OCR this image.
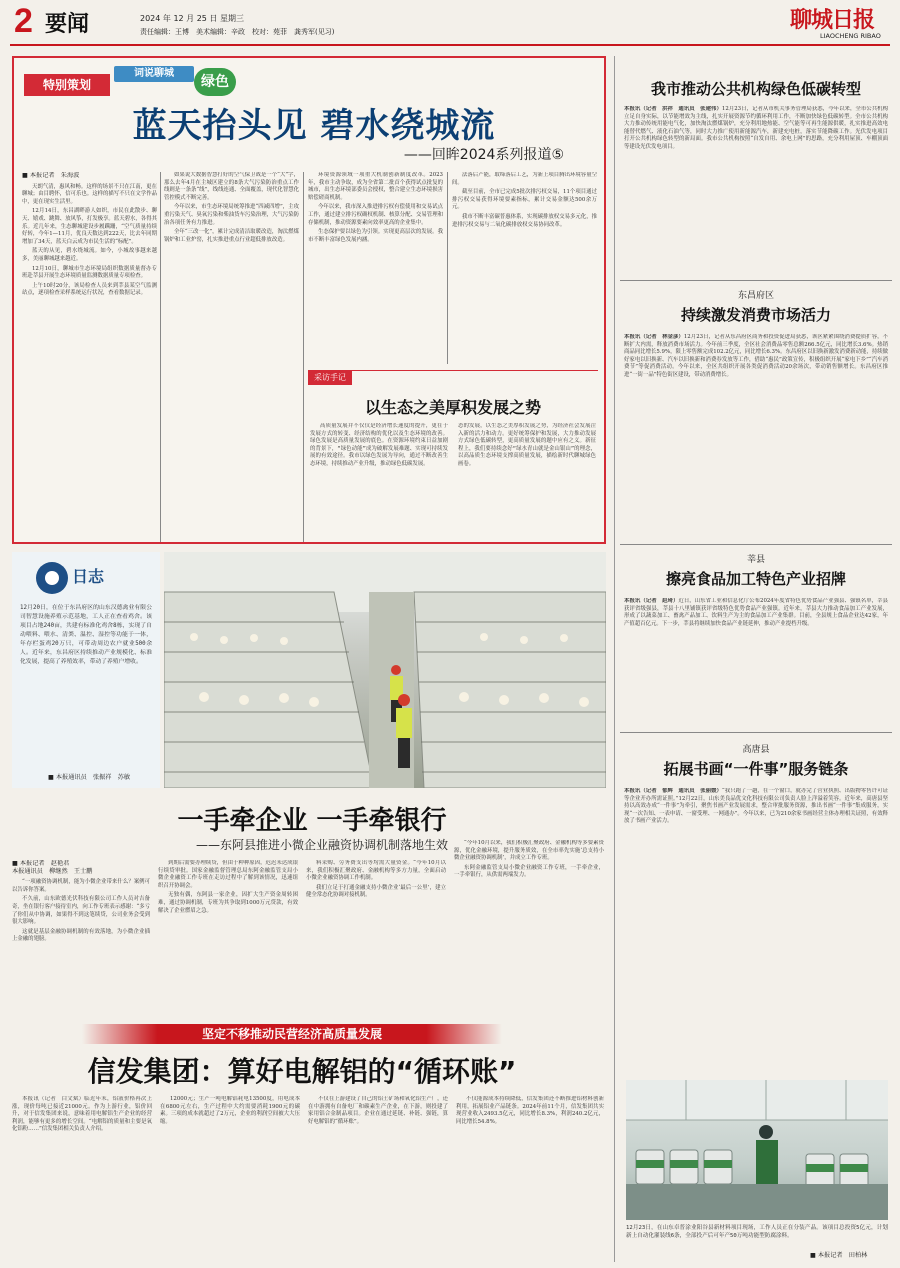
2 要闻	2024 年 12 月 25 日 星期三
责任编辑：王博　美术编辑：辛政　校对：苑菲　龚秀军(见习)	聊城日报
LIAOCHENG RIBAO
特别策划
词说聊城
绿色
蓝天抬头见 碧水绕城流
——回眸2024系列报道⑤
■ 本报记者　朱海波

天朗气清，惠风和畅。这样的场景不只在江南，更在聊城；由目聘怀，信可乐也。这样的描写不只在文学作品中，更在现实生活里。

12月14日，东昌湖畔游人如织，市民在此散步、聊天、嬉戏、跳舞、放风筝，打发极享。蓝天碧水，各得其乐。近几年来，生态聊城建设步履蹒跚，“空气质量持续好转，今年1—11月，优良天数达到222天，比去年同期增加了34天，蓝天白云成为市民生活的“标配”。

蓝天的从见，碧水绕城流。如今，小城故事越来越多，美丽聊城越来越近。

12月10日，聊城市生态环境局组织数据质量督办专班赴莘县开展生态环境质量监测数据质量专项检查。

上午10时20分，该局检查人员来到莘县某空气监测站点，逐项检查采样系统运行状况，查看数据记录。

如果说大数据智慧打好的空气保卫战是一个“大”字，那么去年4月在主城区建立的8条大气污染防治重点工作线则是一条条“线”，线线连通、全面覆盖，现代化智慧化管控模式不断完善。

今年以来，市生态环境局统筹推进“四减四增”，主攻重污染天气、臭氧污染和柴油货车污染治理，大气污染防治各项任务有力推进。

全年“三改一化”，累计完成清洁取暖改造，淘汰燃煤锅炉和工业炉窑，扎实推进重点行业超低排放改造。

环境资源领域一项重大机制创新制度改革。2023年，我市主动争取，成为全省第二批首个获得试点批复的城市，出生态环境部委员会授权，整合建立生态环境损害赔偿磋商机制。

今年以来，我市深入推进排污权有偿使用和交易试点工作，通过建立排污权确权机制、核算分配、交易管理和存储机制，推动资源要素向效率更高的企业集中。

生态保护要以绿色为引领。实现更高层次的发展。我市不断丰富绿色发展内涵。

法落后产能，取缔落后工艺，为新上项目腾出环境容量空间。

截至目前，全市已完成5批次排污权交易，11个项目通过排污权交易获得环境要素指标，累计交易金额达500余万元。

我市不断丰富碳普惠体系，实现碳排放权交易多元化，推进排污权交易与二氧化碳排放权交易协同改革。

采访手记
以生态之美厚积发展之势
高质量发展并不仅仅是经济增长速度的提升，更在于发展方式的转变、经济结构的优化以及生态环境的改善。绿色发展是高质量发展的底色。在资源环境约束日益加剧的背景下，“绿色动能”成为破解发展难题、实现可持续发展的有效途径。我市以绿色发展为导向，通过不断改善生态环境，持续推动产业升级，推动绿色低碳发展。
态的发展，以生态之美厚积发展之势，为经济社会发展注入新的活力和动力。更好统筹保护和发展，大力推动发展方式绿色低碳转型，更高质量发展的题中应有之义。新征程上，我们要持续念好“绿水青山就是金山银山”的理念，以高品质生态环境支撑高质量发展，描绘新时代聊城绿色画卷。
日志
12月20日，在位于东昌府区的山东汉德禽业有限公司智慧设施养殖示范基地，工人正在查看鸡舍。该项目占地240亩，共建有标准化鸡舍8栋，实现了自动喂料、喂水、清粪、温控、湿控等功能于一体，年存栏蛋鸡20万只，可带动周边农户就业500余人。近年来，东昌府区持续推动产业规模化、标准化发展，提高了养殖效率，带动了养殖户增收。
■ 本报通讯员　张振祥　苏敏
一手牵企业 一手牵银行
——东阿县推进小微企业融资协调机制落地生效
■ 本报记者　赵艳君
本报通讯员　柳继然　王士鹏

“一项融资协调机制，能为小微企业带来什么？案例可以告诉你答案。

不久前，山东欧德光伏科技有限公司工作人员对吉备奇，坐在银行客户接待室内，向工作专班表示感谢：“多亏了你们从中协调，如果得不到这笔续贷，公司业务会受到很大影响。

这就是基层金融协调机制的有效落地，为小微企业插上金融的翅膀。

到期后需要办理续贷，但由于种种原因，迟迟未达成银行续贷审批。国家金融监督管理总局东阿金融监管支局小微企业融资工作专班在走访过程中了解到该情况，迅速组织召开协调会。

无独有偶，东阿县一家企业，因扩大生产资金周转困难，通过协调机制，专班为其争取到1000万元贷款，有效解决了企业燃眉之急。

料采购、劳务费支出等均需大量资金。“今年10月以来，我们积极汇聚政府、金融机构等多方力量，全面启动小微企业融资协调工作机制。

我们立足于打通金融支持小微企业‘最后一公里’，建立健全常态化协调对接机制。

“今年10月以来，我们积极汇聚政府、金融机构等多要素资源，优化金融环境，提升服务质效，在全市率先实施‘总支持小微企业融资协调机制’，并成立工作专班。

东阿金融监管支局小微企业融资工作专班，一手牵企业，一手牵银行，从供需两端发力。

坚定不移推动民营经济高质量发展
信发集团：算好电解铝的“循环账”

本报讯（记者　白文斌）临近年末，铝液价格再次上涨，现价每吨已接近21000元。作为上游行业，铝价回升，对于信发集团来说，意味着用电解铝生产企业的经营利润，能够有更多的增长空间。“电解铝的质量和主要是氧化铝粉……”信发集团相关负责人介绍。

12000元；生产一吨电解铝耗电13500度，用电成本在6800元左右，生产过程中大约需要消耗1900元的碳素。三项的成本就超过了2万元，企业的利润空间被大大压缩。

不仅在上游建设了自己的铝土矿场和氧化铝生产厂，还在中游拥有自备电厂和碳素生产企业，在下游，则投建了家用铝合金制品项目。企业在通过延链、补链、强链，算好电解铝的“循环账”。

不仅能源成本持续降低，信发集团还不断推进铝材料创新利用，拓展铝业产品链条。2024年前11个月，信发集团共实现营业收入2493.5亿元，同比增长8.3%，利润240.2亿元，同比增长54.8%。

我市推动公共机构绿色低碳转型
本报讯（记者　洪祥　通讯员　张建伟）12月23日，记者从市机关事务管理局获悉，今年以来，全市公共机构立足自身实际，以节能增效为主线，扎实开展资源节约循环利用工作，不断加快绿色低碳转型。全市公共机构大力推动传统用能电气化，加快淘汰燃煤锅炉，充分利用地热能、空气能等可再生能源供暖，扎实推进高效电能替代燃气、液化石油气等，同时大力推广使用新能源汽车，新建充电桩，落实节能降碳工作。光伏发电项目打开公共机构绿色转型的新局面。我市公共机构按照“自发自用、余电上网”的思路，充分利用屋顶、车棚顶面等建设光伏发电项目。
东昌府区
持续激发消费市场活力
本报讯（记者　林金彦）12月23日，记者从东昌府区商务和投资促进局获悉，该区紧紧围绕消费提质扩容，不断扩大内需，释放消费市场活力。今年前三季度，全区社会消费品零售总额266.5亿元，同比增长3.6%。热销商品同比增长5.9%，限上零售额完成102.2亿元，同比增长6.3%。东昌府区以旧换新激发消费新动能，持续做好家电以旧换新、汽车以旧换新和消费券发放等工作，借助“惠民”政策宣传，积极组织开展“家电下乡”“汽车消费节”等促消费活动。今年以来，全区共组织开展各类促消费活动20余场次，带动销售额增长。东昌府区推进“一街一品”特色街区建设，带动消费增长。
莘县
擦亮食品加工特色产业招牌
本报讯（记者　赵琦）近日，山东省工业和信息化厅公布2024年度省特色优势食品产业强县、强镇名单，莘县获评省级强县，莘县十八里铺镇获评省级特色优势食品产业强镇。近年来，莘县大力推动食品加工产业发展，形成了以蔬菜加工、畜禽产品加工、饮料生产为主的食品加工产业集群。目前，全县规上食品企业达42家，年产值超百亿元。下一步，莘县将继续加快食品产业链延伸，推动产业提档升级。
高唐县
拓展书画“一件事”服务链条
本报讯（记者　郁辉　通讯员　张丽媛）“我只跑了一趟，在一个窗口，就办完了营业执照、出版物零售许可证等企业开办所需证照。”12月22日，山东美良品优文化科技有限公司负责人脸上洋溢着笑容。近年来，高唐县坚持以高效办成“一件事”为牵引，聚焦书画产业发展需求，整合审批服务资源，推出书画“一件事”集成服务，实现“一次告知、一表申请、一窗受理、一网通办”。今年以来，已为210余家书画经营主体办理相关证照，有效释放了书画产业活力。
12月23日，在山东卓普涂业阳谷县新材料项目现场，工作人员正在分装产品。该项目总投资5亿元，计划新上自动化灌装线6条，全部投产后可年产50万吨功能型防腐涂料。
■ 本报记者　田柏林
